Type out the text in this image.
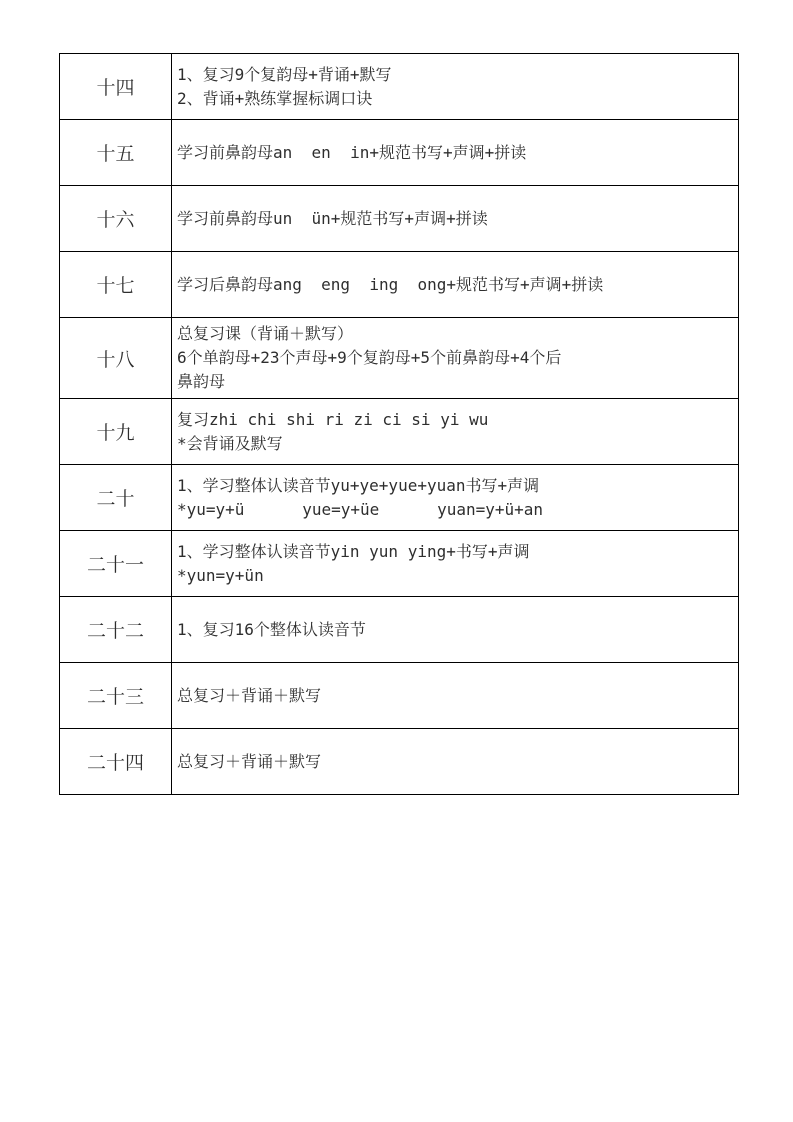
十四	1、复习9个复韵母+背诵+默写
2、背诵+熟练掌握标调口诀

十五	学习前鼻韵母an  en  in+规范书写+声调+拼读

十六	学习前鼻韵母un  ün+规范书写+声调+拼读

十七	学习后鼻韵母ang  eng  ing  ong+规范书写+声调+拼读

十八	总复习课（背诵＋默写）
6个单韵母+23个声母+9个复韵母+5个前鼻韵母+4个后
鼻韵母

十九	复习zhi chi shi ri zi ci si yi wu
*会背诵及默写

二十	1、学习整体认读音节yu+ye+yue+yuan书写+声调
*yu=y+ü      yue=y+üe      yuan=y+ü+an

二十一	1、学习整体认读音节yin yun ying+书写+声调
*yun=y+ün

二十二	1、复习16个整体认读音节

二十三	总复习＋背诵＋默写

二十四	总复习＋背诵＋默写
